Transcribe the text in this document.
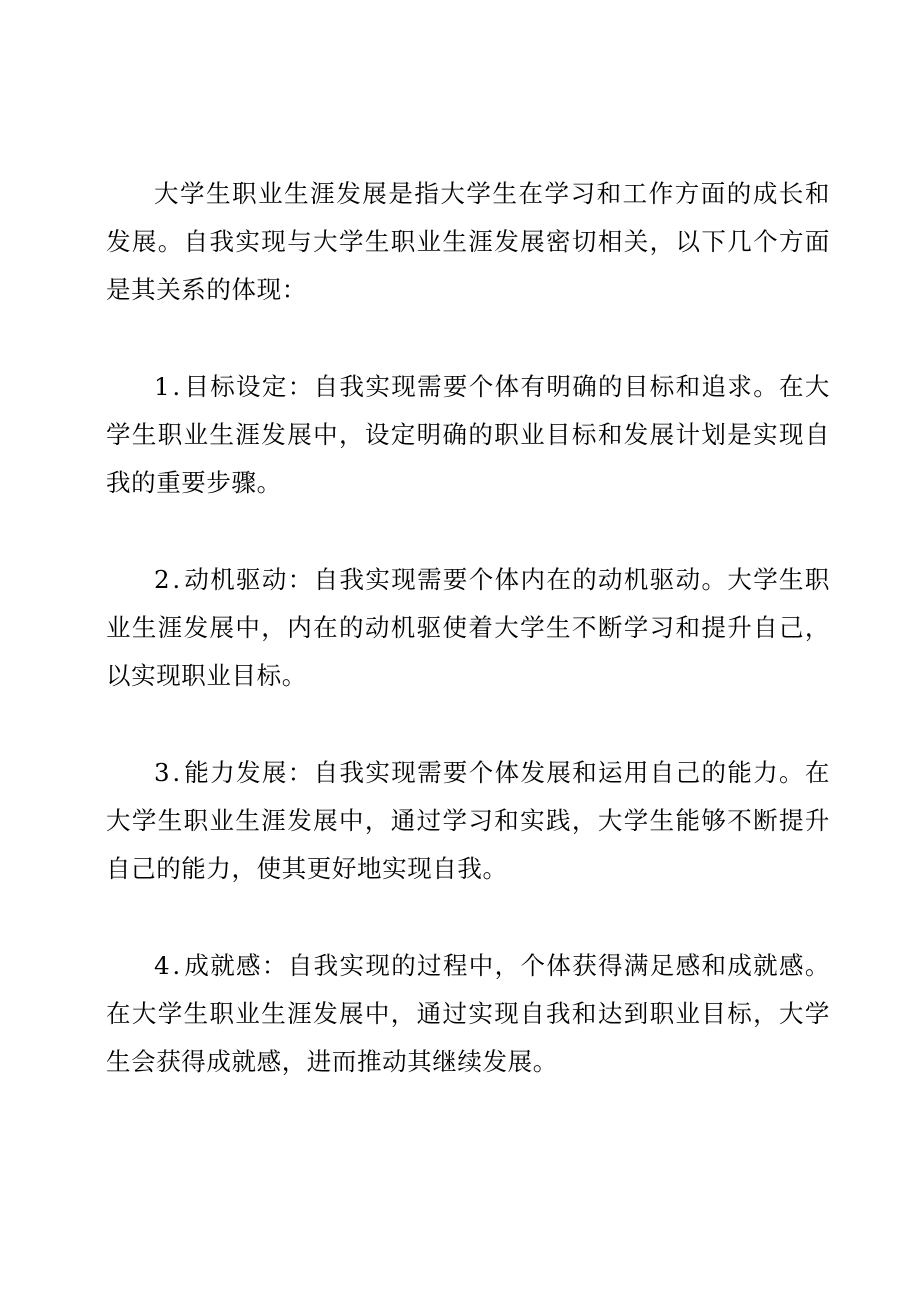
大学生职业生涯发展是指大学生在学习和工作方面的成长和发展。自我实现与大学生职业生涯发展密切相关，以下几个方面是其关系的体现：

1 . 目标设定：自我实现需要个体有明确的目标和追求。在大学生职业生涯发展中，设定明确的职业目标和发展计划是实现自我的重要步骤。

2 . 动机驱动：自我实现需要个体内在的动机驱动。大学生职业生涯发展中，内在的动机驱使着大学生不断学习和提升自己，以实现职业目标。

3 . 能力发展：自我实现需要个体发展和运用自己的能力。在大学生职业生涯发展中，通过学习和实践，大学生能够不断提升自己的能力，使其更好地实现自我。

4 . 成就感：自我实现的过程中，个体获得满足感和成就感。在大学生职业生涯发展中，通过实现自我和达到职业目标，大学生会获得成就感，进而推动其继续发展。
